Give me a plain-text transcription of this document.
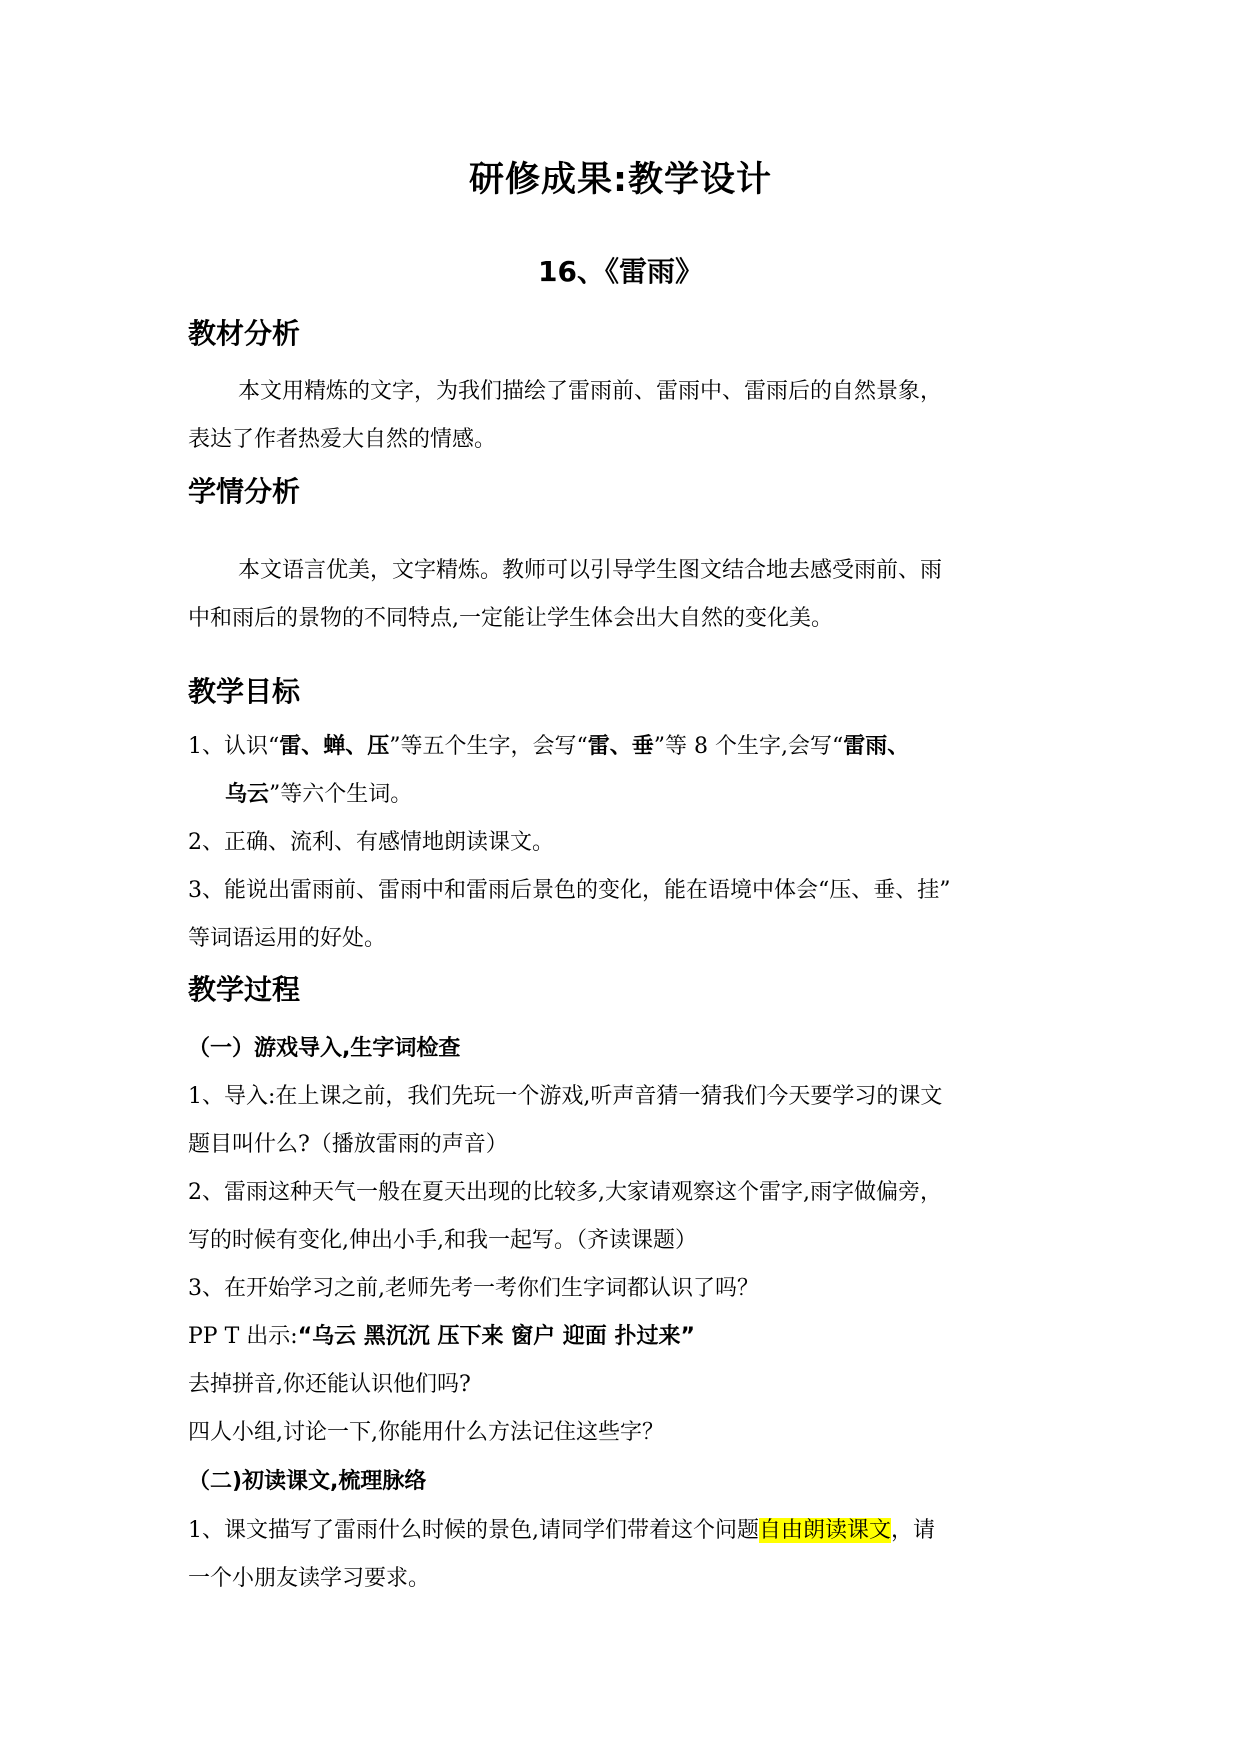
研修成果:教学设计
16、《雷雨》
教材分析
本文用精炼的文字，为我们描绘了雷雨前、雷雨中、雷雨后的自然景象，
表达了作者热爱大自然的情感。
学情分析
本文语言优美，文字精炼。教师可以引导学生图文结合地去感受雨前、雨
中和雨后的景物的不同特点,一定能让学生体会出大自然的变化美。
教学目标
1、认识“雷、蝉、压”等五个生字，会写“雷、垂”等 8 个生字,会写“雷雨、
乌云”等六个生词。
2、正确、流利、有感情地朗读课文。
3、能说出雷雨前、雷雨中和雷雨后景色的变化，能在语境中体会“压、垂、挂”
等词语运用的好处。
教学过程
（一）游戏导入,生字词检查
1、导入:在上课之前，我们先玩一个游戏,听声音猜一猜我们今天要学习的课文
题目叫什么?（播放雷雨的声音）
2、雷雨这种天气一般在夏天出现的比较多,大家请观察这个雷字,雨字做偏旁，
写的时候有变化,伸出小手,和我一起写。（齐读课题）
3、在开始学习之前,老师先考一考你们生字词都认识了吗？
PP T 出示:“乌云 黑沉沉 压下来 窗户 迎面 扑过来”
去掉拼音,你还能认识他们吗?
四人小组,讨论一下,你能用什么方法记住这些字？
（二)初读课文,梳理脉络
1、课文描写了雷雨什么时候的景色,请同学们带着这个问题自由朗读课文，请
一个小朋友读学习要求。
